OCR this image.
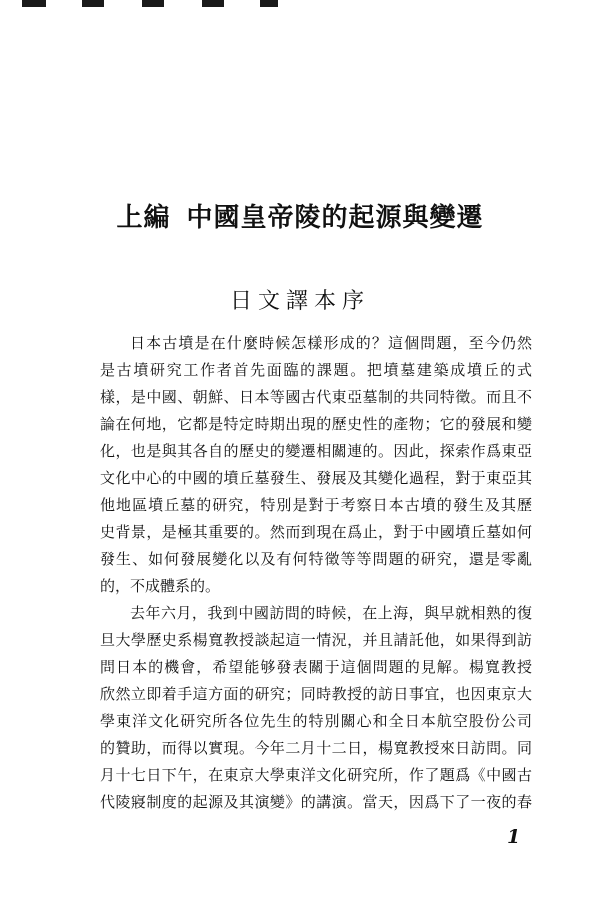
上編 中國皇帝陵的起源與變遷
日文譯本序
日本古墳是在什麼時候怎樣形成的？這個問題，至今仍然
是古墳研究工作者首先面臨的課題。把墳墓建築成墳丘的式
樣，是中國、朝鮮、日本等國古代東亞墓制的共同特徵。而且不
論在何地，它都是特定時期出現的歷史性的產物；它的發展和變
化，也是與其各自的歷史的變遷相關連的。因此，探索作爲東亞
文化中心的中國的墳丘墓發生、發展及其變化過程，對于東亞其
他地區墳丘墓的研究，特別是對于考察日本古墳的發生及其歷
史背景，是極其重要的。然而到現在爲止，對于中國墳丘墓如何
發生、如何發展變化以及有何特徵等等問題的研究，還是零亂
的，不成體系的。
去年六月，我到中國訪問的時候，在上海，與早就相熟的復
旦大學歷史系楊寬教授談起這一情況，并且請託他，如果得到訪
問日本的機會，希望能够發表關于這個問題的見解。楊寬教授
欣然立即着手這方面的研究；同時教授的訪日事宜，也因東京大
學東洋文化研究所各位先生的特別關心和全日本航空股份公司
的贊助，而得以實現。今年二月十二日，楊寬教授來日訪問。同
月十七日下午，在東京大學東洋文化研究所，作了題爲《中國古
代陵寢制度的起源及其演變》的講演。當天，因爲下了一夜的春
1
